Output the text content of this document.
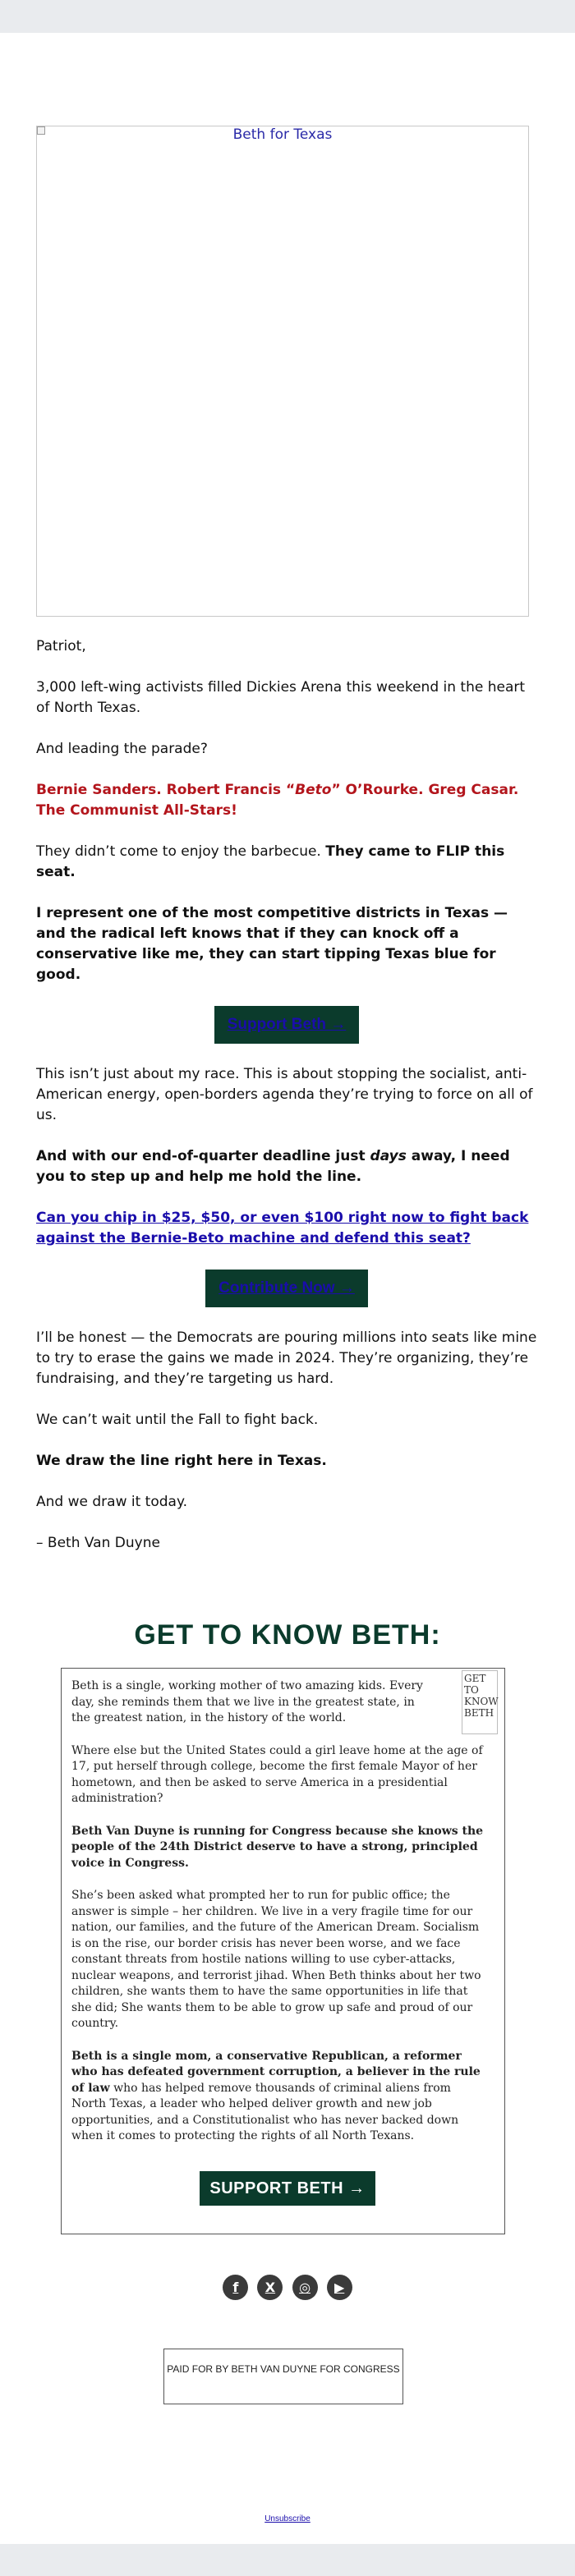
Beth for Texas

Patriot,

3,000 left-wing activists filled Dickies Arena this weekend in the heart of North Texas.

And leading the parade?

Bernie Sanders. Robert Francis “Beto” O’Rourke. Greg Casar. The Communist All-Stars!

They didn’t come to enjoy the barbecue. They came to FLIP this seat.

I represent one of the most competitive districts in Texas — and the radical left knows that if they can knock off a conservative like me, they can start tipping Texas blue for good.

Support Beth →

This isn’t just about my race. This is about stopping the socialist, anti-American energy, open-borders agenda they’re trying to force on all of us.

And with our end-of-quarter deadline just days away, I need you to step up and help me hold the line.

Can you chip in $25, $50, or even $100 right now to fight back against the Bernie-Beto machine and defend this seat?

Contribute Now →

I’ll be honest — the Democrats are pouring millions into seats like mine to try to erase the gains we made in 2024. They’re organizing, they’re fundraising, and they’re targeting us hard.

We can’t wait until the Fall to fight back.

We draw the line right here in Texas.

And we draw it today.

– Beth Van Duyne

GET TO KNOW BETH:
GET TO KNOW BETH

Beth is a single, working mother of two amazing kids. Every day, she reminds them that we live in the greatest state, in the greatest nation, in the history of the world.

Where else but the United States could a girl leave home at the age of 17, put herself through college, become the first female Mayor of her hometown, and then be asked to serve America in a presidential administration?

Beth Van Duyne is running for Congress because she knows the people of the 24th District deserve to have a strong, principled voice in Congress.

She’s been asked what prompted her to run for public office; the answer is simple – her children. We live in a very fragile time for our nation, our families, and the future of the American Dream. Socialism is on the rise, our border crisis has never been worse, and we face constant threats from hostile nations willing to use cyber-attacks, nuclear weapons, and terrorist jihad. When Beth thinks about her two children, she wants them to have the same opportunities in life that she did; She wants them to be able to grow up safe and proud of our country.

Beth is a single mom, a conservative Republican, a reformer who has defeated government corruption, a believer in the rule of law who has helped remove thousands of criminal aliens from North Texas, a leader who helped deliver growth and new job opportunities, and a Constitutionalist who has never backed down when it comes to protecting the rights of all North Texans.

SUPPORT BETH →
f X ◎ ▶
PAID FOR BY BETH VAN DUYNE FOR CONGRESS
Unsubscribe
